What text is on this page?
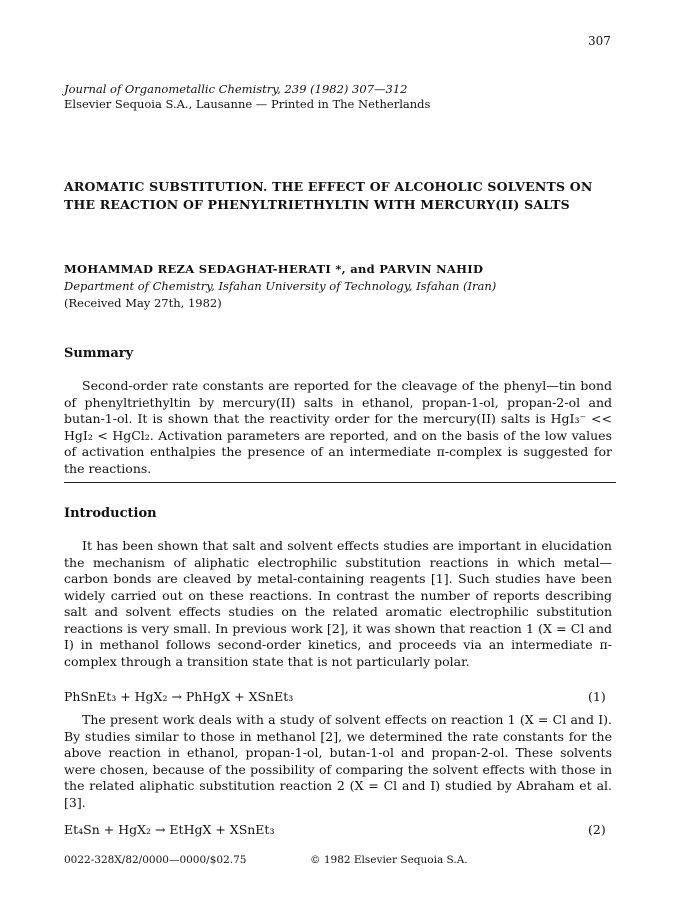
307
Journal of Organometallic Chemistry, 239 (1982) 307—312
Elsevier Sequoia S.A., Lausanne — Printed in The Netherlands
AROMATIC SUBSTITUTION. THE EFFECT OF ALCOHOLIC SOLVENTS ON THE REACTION OF PHENYLTRIETHYLTIN WITH MERCURY(II) SALTS
MOHAMMAD REZA SEDAGHAT-HERATI *, and PARVIN NAHID
Department of Chemistry, Isfahan University of Technology, Isfahan (Iran)
(Received May 27th, 1982)
Summary

Second-order rate constants are reported for the cleavage of the phenyl—tin bond of phenyltriethyltin by mercury(II) salts in ethanol, propan-1-ol, propan-2-ol and butan-1-ol. It is shown that the reactivity order for the mercury(II) salts is HgI₃⁻ << HgI₂ < HgCl₂. Activation parameters are reported, and on the basis of the low values of activation enthalpies the presence of an intermediate π-complex is suggested for the reactions.

Introduction

It has been shown that salt and solvent effects studies are important in elucidation the mechanism of aliphatic electrophilic substitution reactions in which metal—carbon bonds are cleaved by metal-containing reagents [1]. Such studies have been widely carried out on these reactions. In contrast the number of reports describing salt and solvent effects studies on the related aromatic electrophilic substitution reactions is very small. In previous work [2], it was shown that reaction 1 (X = Cl and I) in methanol follows second-order kinetics, and proceeds via an intermediate π-complex through a transition state that is not particularly polar.

PhSnEt₃ + HgX₂ → PhHgX + XSnEt₃	(1)

The present work deals with a study of solvent effects on reaction 1 (X = Cl and I). By studies similar to those in methanol [2], we determined the rate constants for the above reaction in ethanol, propan-1-ol, butan-1-ol and propan-2-ol. These solvents were chosen, because of the possibility of comparing the solvent effects with those in the related aliphatic substitution reaction 2 (X = Cl and I) studied by Abraham et al. [3].

Et₄Sn + HgX₂ → EtHgX + XSnEt₃	(2)
0022-328X/82/0000—0000/$02.75	© 1982 Elsevier Sequoia S.A.
